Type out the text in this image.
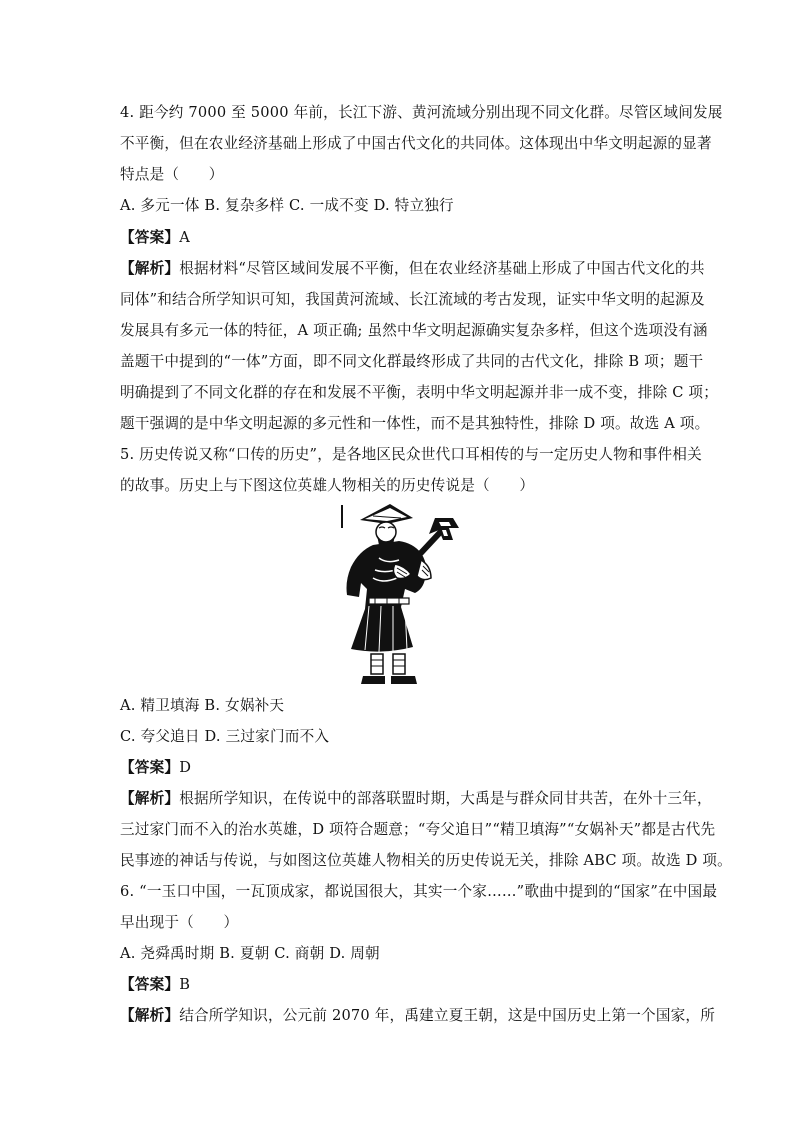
4. 距今约 7000 至 5000 年前，长江下游、黄河流域分别出现不同文化群。尽管区域间发展
不平衡，但在农业经济基础上形成了中国古代文化的共同体。这体现出中华文明起源的显著
特点是（　　）
A. 多元一体 B. 复杂多样 C. 一成不变 D. 特立独行
【答案】A
【解析】根据材料“尽管区域间发展不平衡，但在农业经济基础上形成了中国古代文化的共
同体”和结合所学知识可知，我国黄河流域、长江流域的考古发现，证实中华文明的起源及
发展具有多元一体的特征，A 项正确; 虽然中华文明起源确实复杂多样，但这个选项没有涵
盖题干中提到的“一体”方面，即不同文化群最终形成了共同的古代文化，排除 B 项；题干
明确提到了不同文化群的存在和发展不平衡，表明中华文明起源并非一成不变，排除 C 项；
题干强调的是中华文明起源的多元性和一体性，而不是其独特性，排除 D 项。故选 A 项。
5. 历史传说又称“口传的历史”，是各地区民众世代口耳相传的与一定历史人物和事件相关
的故事。历史上与下图这位英雄人物相关的历史传说是（　　）
A. 精卫填海 B. 女娲补天
C. 夸父追日 D. 三过家门而不入
【答案】D
【解析】根据所学知识，在传说中的部落联盟时期，大禹是与群众同甘共苦，在外十三年，
三过家门而不入的治水英雄，D 项符合题意；“夸父追日”“精卫填海”“女娲补天”都是古代先
民事迹的神话与传说，与如图这位英雄人物相关的历史传说无关，排除 ABC 项。故选 D 项。
6. “一玉口中国，一瓦顶成家，都说国很大，其实一个家……”歌曲中提到的“国家”在中国最
早出现于（　　）
A. 尧舜禹时期 B. 夏朝 C. 商朝 D. 周朝
【答案】B
【解析】结合所学知识，公元前 2070 年，禹建立夏王朝，这是中国历史上第一个国家，所
